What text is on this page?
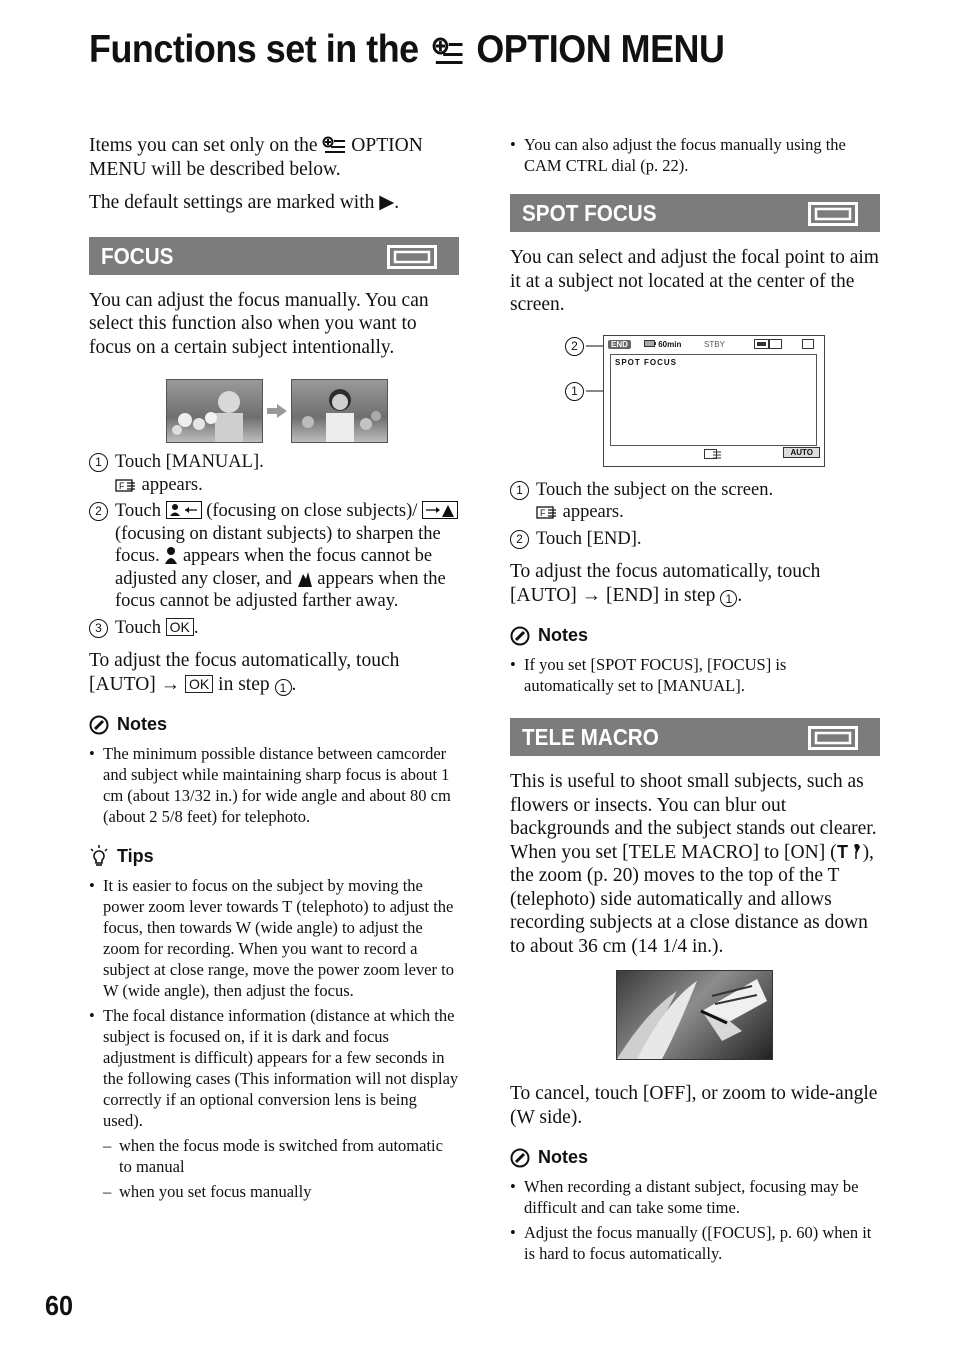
Functions set in the OPTION MENU

Items you can set only on the OPTION MENU will be described below.

The default settings are marked with ▶.

FOCUS

You can adjust the focus manually. You can select this function also when you want to focus on a certain subject intentionally.

1 Touch [MANUAL].
F appears.
2 Touch (focusing on close subjects)/  (focusing on distant subjects) to sharpen the focus. appears when the focus cannot be adjusted any closer, and appears when the focus cannot be adjusted farther away.
3 Touch OK .

To adjust the focus automatically, touch [AUTO] → OK in step 1 .

Notes
• The minimum possible distance between camcorder and subject while maintaining sharp focus is about 1 cm (about 13/32 in.) for wide angle and about 80 cm (about 2 5/8 feet) for telephoto.
Tips
• It is easier to focus on the subject by moving the power zoom lever towards T (telephoto) to adjust the focus, then towards W (wide angle) to adjust the zoom for recording. When you want to record a subject at close range, move the power zoom lever to W (wide angle), then adjust the focus.
• The focal distance information (distance at which the subject is focused on, if it is dark and focus adjustment is difficult) appears for a few seconds in the following cases (This information will not display correctly if an optional conversion lens is being used).
– when the focus mode is switched from automatic to manual
– when you set focus manually
• You can also adjust the focus manually using the CAM CTRL dial (p. 22).
SPOT FOCUS

You can select and adjust the focal point to aim it at a subject not located at the center of the screen.

2
1
END	60min	STBY
SPOT FOCUS
AUTO
1 Touch the subject on the screen.
F appears.
2 Touch [END].

To adjust the focus automatically, touch [AUTO] → [END] in step 1 .

Notes
• If you set [SPOT FOCUS], [FOCUS] is automatically set to [MANUAL].
TELE MACRO

This is useful to shoot small subjects, such as flowers or insects. You can blur out backgrounds and the subject stands out clearer.

When you set [TELE MACRO] to [ON] ( T ), the zoom (p. 20) moves to the top of the T (telephoto) side automatically and allows recording subjects at a close distance as down to about 36 cm (14 1/4 in.).

To cancel, touch [OFF], or zoom to wide-angle (W side).

Notes
• When recording a distant subject, focusing may be difficult and can take some time.
• Adjust the focus manually ([FOCUS], p. 60) when it is hard to focus automatically.
60
